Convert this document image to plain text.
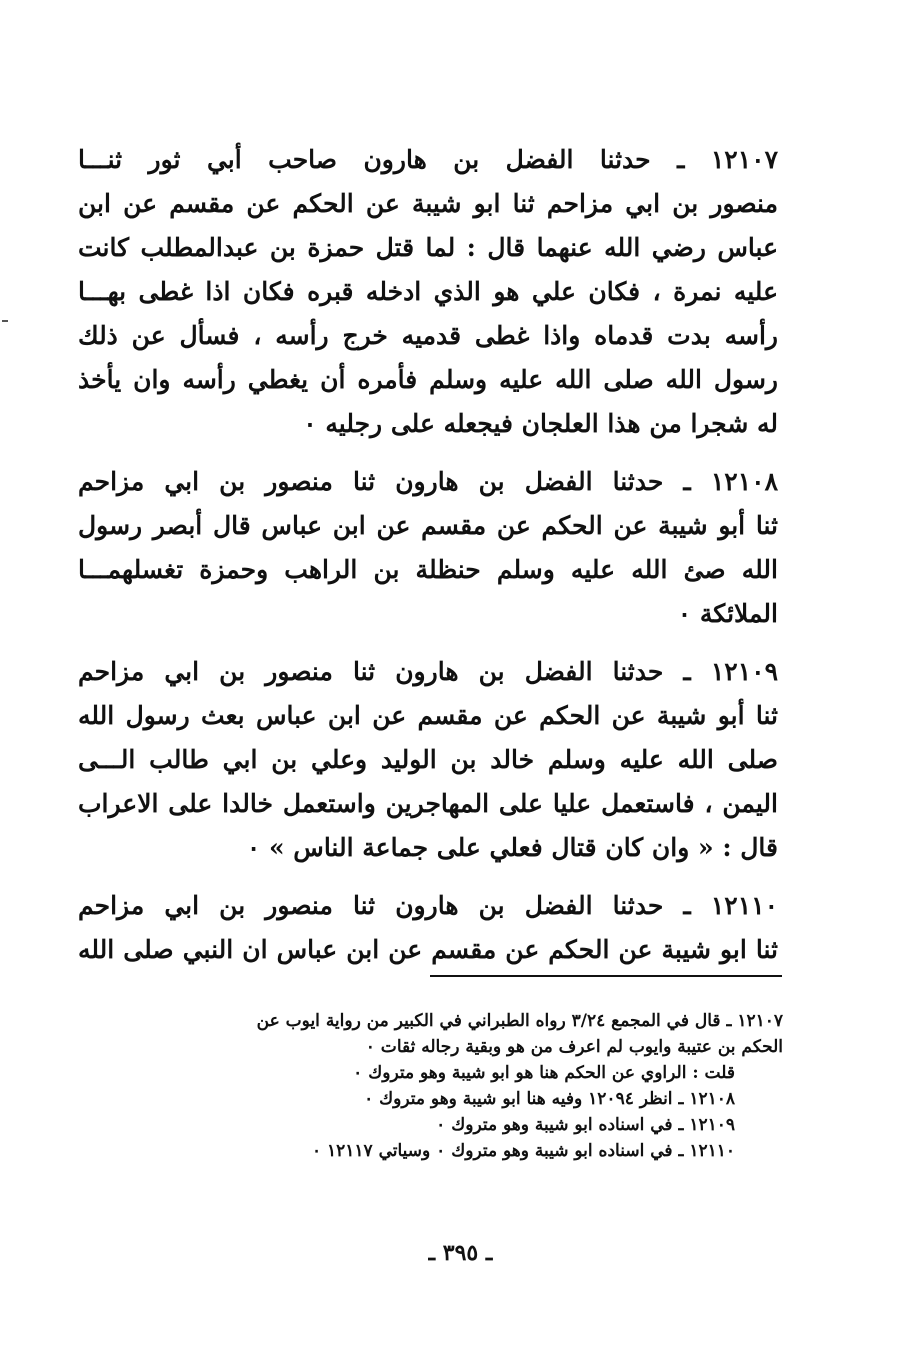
١٢١٠٧ ـ حدثنا الفضل بن هارون صاحب أبي ثور ثنـــا
منصور بن ابي مزاحم ثنا ابو شيبة عن الحكم عن مقسم عن ابن
عباس رضي الله عنهما قال : لما قتل حمزة بن عبدالمطلب كانت
عليه نمرة ، فكان علي هو الذي ادخله قبره فكان اذا غطى بهـــا
رأسه بدت قدماه واذا غطى قدميه خرج رأسه ، فسأل عن ذلك
رسول الله صلى الله عليه وسلم فأمره أن يغطي رأسه وان يأخذ
له شجرا من هذا العلجان فيجعله على رجليه ٠
١٢١٠٨ ـ حدثنا الفضل بن هارون ثنا منصور بن ابي مزاحم
ثنا أبو شيبة عن الحكم عن مقسم عن ابن عباس قال أبصر رسول
الله صئ الله عليه وسلم حنظلة بن الراهب وحمزة تغسلهمـــا
الملائكة ٠
١٢١٠٩ ـ حدثنا الفضل بن هارون ثنا منصور بن ابي مزاحم
ثنا أبو شيبة عن الحكم عن مقسم عن ابن عباس بعث رسول الله
صلى الله عليه وسلم خالد بن الوليد وعلي بن ابي طالب الـــى
اليمن ، فاستعمل عليا على المهاجرين واستعمل خالدا على الاعراب
قال : « وان كان قتال فعلي على جماعة الناس » ٠
١٢١١٠ ـ حدثنا الفضل بن هارون ثنا منصور بن ابي مزاحم
ثنا ابو شيبة عن الحكم عن مقسم عن ابن عباس ان النبي صلى الله
١٢١٠٧ ـ قال في المجمع ٣/٢٤ رواه الطبراني في الكبير من رواية ايوب عن
الحكم بن عتيبة وايوب لم اعرف من هو وبقية رجاله ثقات ٠
قلت : الراوي عن الحكم هنا هو ابو شيبة وهو متروك ٠
١٢١٠٨ ـ انظر ١٢٠٩٤ وفيه هنا ابو شيبة وهو متروك ٠
١٢١٠٩ ـ في اسناده ابو شيبة وهو متروك ٠
١٢١١٠ ـ في اسناده ابو شيبة وهو متروك ٠ وسياتي ١٢١١٧ ٠
ـ ٣٩٥ ـ
